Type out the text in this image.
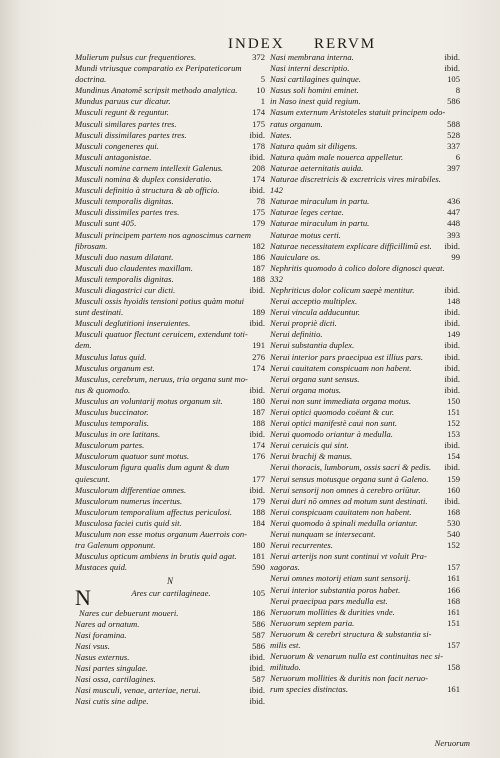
INDEX RERVM
Mulierum pulsus cur frequentiores.	372
Mundi vtriusque comparatio ex Peripateticorum
doctrina.	5
Mundinus Anatomē scripsit methodo analytica.	10
Mundus paruus cur dicatur.	1
Musculi regunt & reguntur.	174
Musculi similares partes tres.	175
Musculi dissimilares partes tres.	ibid.
Musculi congeneres qui.	178
Musculi antagonistae.	ibid.
Musculi nomine carnem intellexit Galenus.	208
Musculi nomina & duplex consideratio.	174
Musculi definitio à structura & ab officio.	ibid.
Musculi temporalis dignitas.	78
Musculi dissimiles partes tres.	175
Musculi sunt 405.	179
Musculi principem partem nos agnoscimus carnem
fibrosam.	182
Musculi duo nasum dilatant.	186
Musculi duo claudentes maxillam.	187
Musculi temporalis dignitas.	188
Musculi diagastrici cur dicti.	ibid.
Musculi ossis hyoidis tensioni potius quàm motui
sunt destinati.	189
Musculi deglutitioni inseruientes.	ibid.
Musculi quatuor flectunt ceruicem, extendunt toti-
dem.	191
Musculus latus quid.	276
Musculus organum est.	174
Musculus, cerebrum, neruus, tria organa sunt mo-
tus & quomodo.	ibid.
Musculus an voluntarij motus organum sit.	180
Musculus buccinator.	187
Musculus temporalis.	188
Musculus in ore latitans.	ibid.
Musculorum partes.	174
Musculorum quatuor sunt motus.	176
Musculorum figura qualis dum agunt & dum
quiescunt.	177
Musculorum differentiae omnes.	ibid.
Musculorum numerus incertus.	179
Musculorum temporalium affectus periculosi.	188
Musculosa faciei cutis quid sit.	184
Musculum non esse motus organum Auerrois con-
tra Galenum opponunt.	180
Musculus opticum ambiens in brutis quid agat.	181
Mustaces quid.	590
N
N	Ares cur cartilagineae.	105
Nares cur debuerunt moueri.	186
Nares ad ornatum.	586
Nasi foramina.	587
Nasi vsus.	586
Nasus externus.	ibid.
Nasi partes singulae.	ibid.
Nasi ossa, cartilagines.	587
Nasi musculi, venae, arteriae, nerui.	ibid.
Nasi cutis sine adipe.	ibid.
Nasi membrana interna.	ibid.
Nasi interni descriptio.	ibid.
Nasi cartilagines quinque.	105
Nasus soli homini eminet.	8
in Naso inest quid regium.	586
Nasum externum Aristoteles statuit principem odo-
ratus organum.	588
Nates.	528
Natura quàm sit diligens.	337
Natura quàm male nouerca appelletur.	6
Naturae aeternitatis auida.	397
Naturae discretricis & excretricis vires mirabiles.
142
Naturae miraculum in partu.	436
Naturae leges certae.	447
Naturae miraculum in partu.	448
Naturae motus certi.	393
Naturae necessitatem explicare difficillimū est.	ibid.
Nauiculare os.	99
Nephritis quomodo à colico dolore dignosci queat.
332
Nephriticus dolor colicum saepè mentitur.	ibid.
Nerui acceptio multiplex.	148
Nerui vincula adducuntur.	ibid.
Nerui propriè dicti.	ibid.
Nerui definitio.	149
Nerui substantia duplex.	ibid.
Nerui interior pars praecipua est illius pars.	ibid.
Nerui cauitatem conspicuam non habent.	ibid.
Nerui organa sunt sensus.	ibid.
Nerui organa motus.	ibid.
Nerui non sunt immediata organa motus.	150
Nerui optici quomodo coëant & cur.	151
Nerui optici manifestè caui non sunt.	152
Nerui quomodo oriantur à medulla.	153
Nerui ceruicis qui sint.	ibid.
Nerui brachij & manus.	154
Nerui thoracis, lumborum, ossis sacri & pedis.	ibid.
Nerui sensus motusque organa sunt à Galeno.	159
Nerui sensorij non omnes à cerebro oriūtur.	160
Nerui duri nō omnes ad motum sunt destinati.	ibid.
Nerui conspicuam cauitatem non habent.	168
Nerui quomodo à spinali medulla oriantur.	530
Nerui nunquam se intersecant.	540
Nerui recurrentes.	152
Nerui arterijs non sunt continui vt voluit Pra-
xagoras.	157
Nerui omnes motorij etiam sunt sensorij.	161
Nerui interior substantia poros habet.	166
Nerui praecipua pars medulla est.	168
Neruorum mollities & durities vnde.	161
Neruorum septem paria.	151
Neruorum & cerebri structura & substantia si-
milis est.	157
Neruorum & venarum nulla est continuitas nec si-
militudo.	158
Neruorum mollities & duritis non facit neruo-
rum species distinctas.	161
Neruorum
